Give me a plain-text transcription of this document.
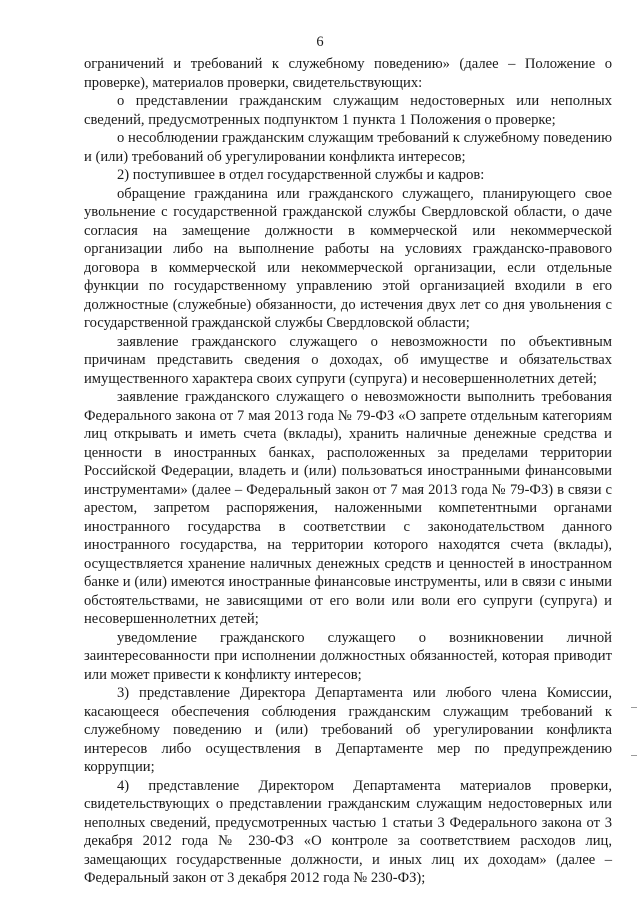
6

ограничений и требований к служебному поведению» (далее – Положение о проверке), материалов проверки, свидетельствующих:

о представлении гражданским служащим недостоверных или неполных сведений, предусмотренных подпунктом 1 пункта 1 Положения о проверке;

о несоблюдении гражданским служащим требований к служебному поведению и (или) требований об урегулировании конфликта интересов;

2) поступившее в отдел государственной службы и кадров:

обращение гражданина или гражданского служащего, планирующего свое увольнение с государственной гражданской службы Свердловской области, о даче согласия на замещение должности в коммерческой или некоммерческой организации либо на выполнение работы на условиях гражданско-правового договора в коммерческой или некоммерческой организации, если отдельные функции по государственному управлению этой организацией входили в его должностные (служебные) обязанности, до истечения двух лет со дня увольнения с государственной гражданской службы Свердловской области;

заявление гражданского служащего о невозможности по объективным причинам представить сведения о доходах, об имуществе и обязательствах имущественного характера своих супруги (супруга) и несовершеннолетних детей;

заявление гражданского служащего о невозможности выполнить требования Федерального закона от 7 мая 2013 года № 79-ФЗ «О запрете отдельным категориям лиц открывать и иметь счета (вклады), хранить наличные денежные средства и ценности в иностранных банках, расположенных за пределами территории Российской Федерации, владеть и (или) пользоваться иностранными финансовыми инструментами» (далее – Федеральный закон от 7 мая 2013 года № 79-ФЗ) в связи с арестом, запретом распоряжения, наложенными компетентными органами иностранного государства в соответствии с законодательством данного иностранного государства, на территории которого находятся счета (вклады), осуществляется хранение наличных денежных средств и ценностей в иностранном банке и (или) имеются иностранные финансовые инструменты, или в связи с иными обстоятельствами, не зависящими от его воли или воли его супруги (супруга) и несовершеннолетних детей;

уведомление гражданского служащего о возникновении личной заинтересованности при исполнении должностных обязанностей, которая приводит или может привести к конфликту интересов;

3) представление Директора Департамента или любого члена Комиссии, касающееся обеспечения соблюдения гражданским служащим требований к служебному поведению и (или) требований об урегулировании конфликта интересов либо осуществления в Департаменте мер по предупреждению коррупции;

4) представление Директором Департамента материалов проверки, свидетельствующих о представлении гражданским служащим недостоверных или неполных сведений, предусмотренных частью 1 статьи 3 Федерального закона от 3 декабря 2012 года № 230-ФЗ «О контроле за соответствием расходов лиц, замещающих государственные должности, и иных лиц их доходам» (далее – Федеральный закон от 3 декабря 2012 года № 230-ФЗ);
